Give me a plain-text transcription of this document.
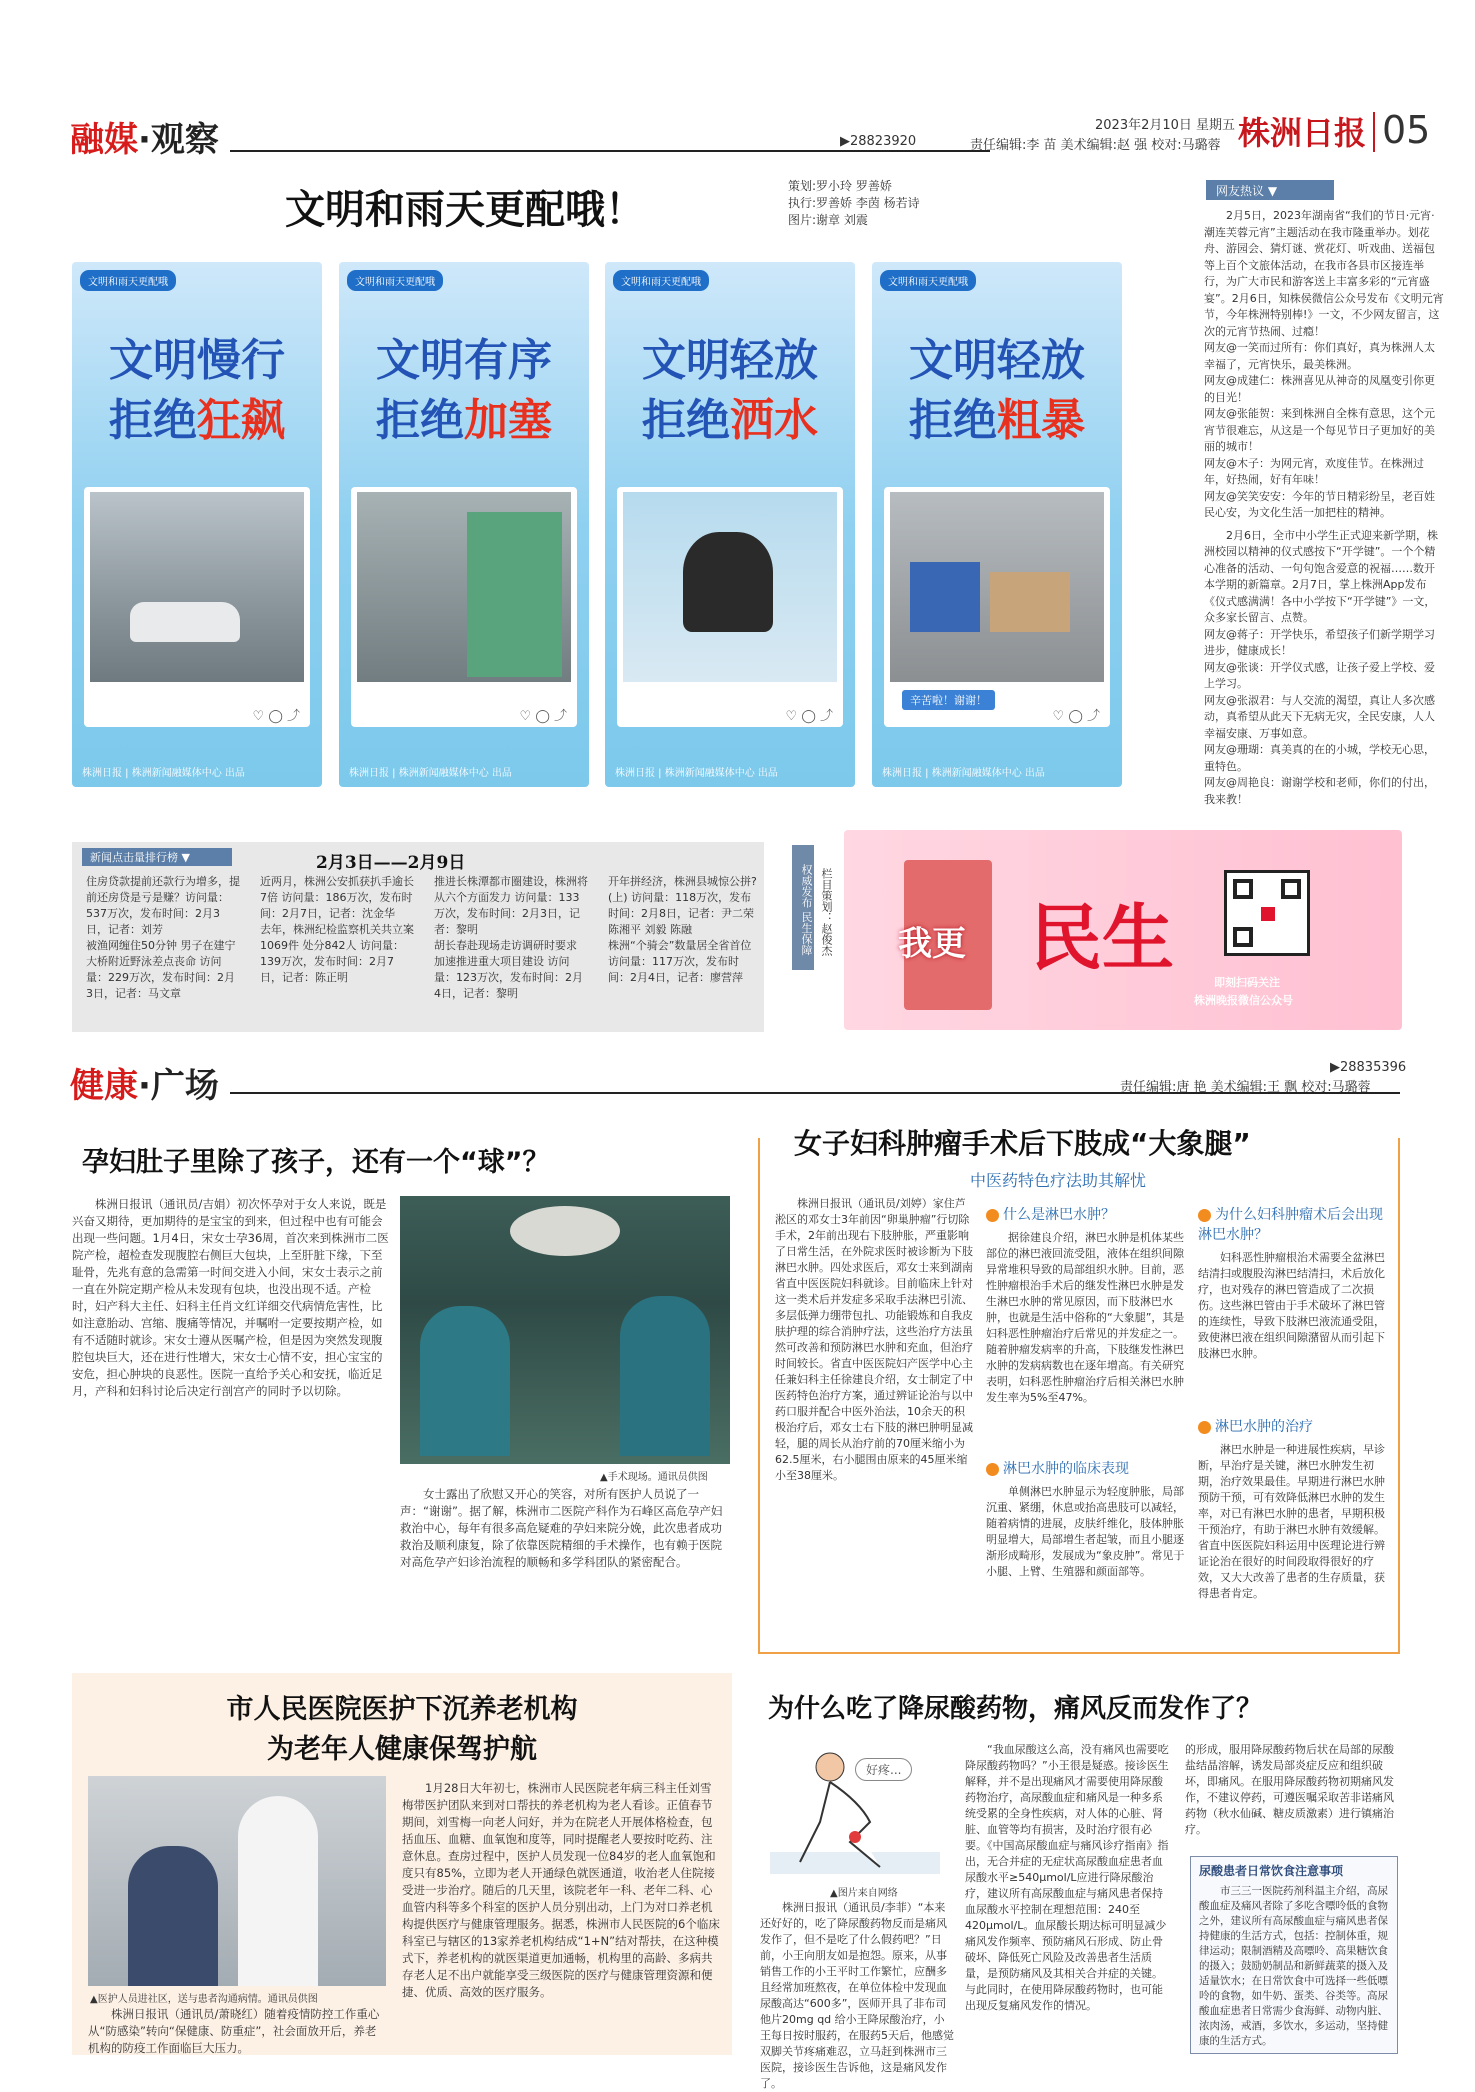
融媒·观察	▶28823920
2023年2月10日 星期五
责任编辑:李 苗 美术编辑:赵 强 校对:马璐蓉 株洲日报 05
文明和雨天更配哦！
策划:罗小玲 罗善娇
执行:罗善娇 李茵 杨若诗
图片:谢章 刘震
文明和雨天更配哦
文明慢行
拒绝狂飙
♡ ◯ ⤴
株洲日报 | 株洲新闻融媒体中心 出品
文明和雨天更配哦
文明有序
拒绝加塞
♡ ◯ ⤴
株洲日报 | 株洲新闻融媒体中心 出品
文明和雨天更配哦
文明轻放
拒绝洒水
♡ ◯ ⤴
株洲日报 | 株洲新闻融媒体中心 出品
文明和雨天更配哦
文明轻放
拒绝粗暴
辛苦啦！谢谢！
♡ ◯ ⤴
株洲日报 | 株洲新闻融媒体中心 出品
网友热议 ▼

2月5日，2023年湖南省“我们的节日·元宵·潮连芙蓉元宵”主题活动在我市隆重举办。划花舟、游园会、猜灯谜、赏花灯、听戏曲、送福包等上百个文旅体活动，在我市各县市区接连举行，为广大市民和游客送上丰富多彩的“元宵盛宴”。2月6日，知株侯微信公众号发布《文明元宵节，今年株洲特别棒!》一文，不少网友留言，这次的元宵节热闹、过瘾！

网友@一笑而过所有：你们真好，真为株洲人太幸福了，元宵快乐，最美株洲。

网友@成建仁：株洲喜见从神奇的凤凰变引你更的目光！

网友@张能贺：来到株洲自全株有意思，这个元宵节很难忘，从这是一个每见节日子更加好的美丽的城市！

网友@木子：为网元宵，欢度佳节。在株洲过年，好热闹，好有年味！

网友@笑笑安安：今年的节日精彩纷呈，老百姓民心安，为文化生活一加把柱的精神。

2月6日，全市中小学生正式迎来新学期，株洲校园以精神的仪式感按下“开学键”。一个个精心准备的活动、一句句饱含爱意的祝福……数开本学期的新篇章。2月7日，掌上株洲App发布《仪式感满满！各中小学按下“开学键”》一文，众多家长留言、点赞。

网友@蒋子：开学快乐，希望孩子们新学期学习进步，健康成长！

网友@张谈：开学仪式感，让孩子爱上学校、爱上学习。

网友@张淑君：与人交流的渴望，真让人多次感动，真希望从此天下无病无灾，全民安康，人人幸福安康、万事如意。

网友@珊瑚：真美真的在的小城，学校无心思，重特色。

网友@周艳良：谢谢学校和老师，你们的付出，我来教！

新闻点击量排行榜 ▼	2月3日——2月9日

住房贷款提前还款行为增多，提前还房贷是亏是赚？访问量：537万次，发布时间：2月3日，记者：刘芳

被渔网缠住50分钟 男子在建宁大桥附近野泳差点丧命 访问量：229万次，发布时间：2月3日，记者：马文章

近两月，株洲公安抓获扒手逾长7倍 访问量：186万次，发布时间：2月7日，记者：沈金华

去年，株洲纪检监察机关共立案1069件 处分842人 访问量：139万次，发布时间：2月7日，记者：陈正明

推进长株潭都市圈建设，株洲将从六个方面发力 访问量：133万次，发布时间：2月3日，记者：黎明

胡长春赴现场走访调研时要求 加速推进重大项目建设 访问量：123万次，发布时间：2月4日，记者：黎明

开年拼经济，株洲县城惊公拼?(上) 访问量：118万次，发布时间：2月8日，记者：尹二荣 陈湘平 刘毅 陈融

株洲“个骑会”数量居全省首位 访问量：117万次，发布时间：2月4日，记者：廖营萍

权威发布 民生保障 栏目策划：赵俊杰 我更 民生
即刻扫码关注
株洲晚报微信公众号
健康·广场	▶28835396
责任编辑:唐 艳 美术编辑:王 飘 校对:马璐蓉
孕妇肚子里除了孩子，还有一个“球”？
株洲日报讯（通讯员/吉娟）初次怀孕对于女人来说，既是兴奋又期待，更加期待的是宝宝的到来，但过程中也有可能会出现一些问题。1月4日，宋女士孕36周，首次来到株洲市二医院产检，超检查发现腹腔右侧巨大包块，上至肝脏下缘，下至耻骨，先兆有意的急需第一时间交进入小间，宋女士表示之前一直在外院定期产检从未发现有包块，也没出现不适。产检时，妇产科大主任、妇科主任肖文红详细交代病情危害性，比如注意胎动、宫缩、腹痛等情况，并嘱咐一定要按期产检，如有不适随时就诊。宋女士遵从医嘱产检，但是因为突然发现腹腔包块巨大，还在进行性增大，宋女士心情不安，担心宝宝的安危，担心肿块的良恶性。医院一直给予关心和安抚，临近足月，产科和妇科讨论后决定行剖宫产的同时予以切除。
▲手术现场。通讯员供图
女士露出了欣慰又开心的笑容，对所有医护人员说了一声：“谢谢”。据了解，株洲市二医院产科作为石峰区高危孕产妇救治中心，每年有很多高危疑难的孕妇来院分娩，此次患者成功救治及顺利康复，除了依靠医院精细的手术操作，也有赖于医院对高危孕产妇诊治流程的顺畅和多学科团队的紧密配合。
女子妇科肿瘤手术后下肢成“大象腿”
中医药特色疗法助其解忧
株洲日报讯（通讯员/刘婷）家住芦淞区的邓女士3年前因“卵巢肿瘤”行切除手术，2年前出现右下肢肿胀，严重影响了日常生活，在外院求医时被诊断为下肢淋巴水肿。四处求医后，邓女士来到湖南省直中医医院妇科就诊。目前临床上针对这一类术后并发症多采取手法淋巴引流、多层低弹力绷带包扎、功能锻炼和自我皮肤护理的综合消肿疗法，这些治疗方法虽然可改善和预防淋巴水肿和充血，但治疗时间较长。省直中医医院妇产医学中心主任兼妇科主任徐建良介绍，女士制定了中医药特色治疗方案，通过辨证论治与以中药口服并配合中医外治法，10余天的积极治疗后，邓女士右下肢的淋巴肿明显减轻，腿的周长从治疗前的70厘米缩小为62.5厘米，右小腿围由原来的45厘米缩小至38厘米。
什么是淋巴水肿？
据徐建良介绍，淋巴水肿是机体某些部位的淋巴液回流受阻，液体在组织间隙异常堆积导致的局部组织水肿。目前，恶性肿瘤根治手术后的继发性淋巴水肿是发生淋巴水肿的常见原因，而下肢淋巴水肿，也就是生活中俗称的“大象腿”，其是妇科恶性肿瘤治疗后常见的并发症之一。随着肿瘤发病率的升高，下肢继发性淋巴水肿的发病病数也在逐年增高。有关研究表明，妇科恶性肿瘤治疗后相关淋巴水肿发生率为5%至47%。
淋巴水肿的临床表现
单侧淋巴水肿显示为轻度肿胀，局部沉重、紧绷，休息或抬高患肢可以减轻，随着病情的进展，皮肤纤维化，肢体肿胀明显增大，局部增生者起皱，而且小腿逐渐形成畸形，发展成为“象皮肿”。常见于小腿、上臂、生殖器和颜面部等。
为什么妇科肿瘤术后会出现淋巴水肿？
妇科恶性肿瘤根治术需要全盆淋巴结清扫或腹股沟淋巴结清扫，术后放化疗，也对残存的淋巴管造成了二次损伤。这些淋巴管由于手术破坏了淋巴管的连续性，导致下肢淋巴液流通受阻，致使淋巴液在组织间隙潴留从而引起下肢淋巴水肿。
淋巴水肿的治疗
淋巴水肿是一种进展性疾病，早诊断，早治疗是关键，淋巴水肿发生初期，治疗效果最佳。早期进行淋巴水肿预防干预，可有效降低淋巴水肿的发生率，对已有淋巴水肿的患者，早期积极干预治疗，有助于淋巴水肿有效缓解。省直中医医院妇科运用中医理论进行辨证论治在很好的时间段取得很好的疗效，又大大改善了患者的生存质量，获得患者肯定。
市人民医院医护下沉养老机构
为老年人健康保驾护航
▲医护人员进社区，送与患者沟通病情。通讯员供图
株洲日报讯（通讯员/萧晓红）随着疫情防控工作重心从“防感染”转向“保健康、防重症”，社会面放开后，养老机构的防疫工作面临巨大压力。
1月28日大年初七，株洲市人民医院老年病三科主任刘雪梅带医护团队来到对口帮扶的养老机构为老人看诊。正值春节期间，刘雪梅一向老人问好，并为在院老人开展体格检查，包括血压、血糖、血氧饱和度等，同时提醒老人要按时吃药、注意休息。查房过程中，医护人员发现一位84岁的老人血氧饱和度只有85%，立即为老人开通绿色就医通道，收治老人住院接受进一步治疗。随后的几天里，该院老年一科、老年二科、心血管内科等多个科室的医护人员分别出动，上门为对口养老机构提供医疗与健康管理服务。据悉，株洲市人民医院的6个临床科室已与辖区的13家养老机构结成“1+N”结对帮扶，在这种模式下，养老机构的就医渠道更加通畅，机构里的高龄、多病共存老人足不出户就能享受三级医院的医疗与健康管理资源和便捷、优质、高效的医疗服务。
为什么吃了降尿酸药物，痛风反而发作了？
好疼...
▲图片来自网络
株洲日报讯（通讯员/李菲）“本来还好好的，吃了降尿酸药物反而是痛风发作了，但不是吃了什么假药吧？”日前，小王向朋友如是抱怨。原来，从事销售工作的小王平时工作繁忙，应酬多且经常加班熬夜，在单位体检中发现血尿酸高达“600多”，医师开具了非布司他片20mg qd 给小王降尿酸治疗，小王每日按时服药，在服药5天后，他感觉双脚关节疼痛难忍，立马赶到株洲市三医院，接诊医生告诉他，这是痛风发作了。
“我血尿酸这么高，没有痛风也需要吃降尿酸药物吗？”小王很是疑惑。接诊医生解释，并不是出现痛风才需要使用降尿酸药物治疗，高尿酸血症和痛风是一种多系统受累的全身性疾病，对人体的心脏、肾脏、血管等均有损害，及时治疗很有必要。《中国高尿酸血症与痛风诊疗指南》指出，无合并症的无症状高尿酸血症患者血尿酸水平≥540μmol/L应进行降尿酸治疗，建议所有高尿酸血症与痛风患者保持血尿酸水平控制在理想范围：240至420μmol/L。血尿酸长期达标可明显减少痛风发作频率、预防痛风石形成、防止骨破坏、降低死亡风险及改善患者生活质量，是预防痛风及其相关合并症的关键。与此同时，在使用降尿酸药物时，也可能出现反复痛风发作的情况。
的形成，服用降尿酸药物后状在局部的尿酸盐结晶溶解，诱发局部炎症反应和组织破坏，即痛风。在服用降尿酸药物初期痛风发作，不建议停药，可遵医嘱采取苦非诺痛风药物（秋水仙碱、糖皮质激素）进行镇痛治疗。
尿酸患者日常饮食注意事项
市三三一医院药剂科温主介绍，高尿酸血症及痛风者除了多吃含嘌呤低的食物之外，建议所有高尿酸血症与痛风患者保持健康的生活方式，包括：控制体重，规律运动；限制酒精及高嘌呤、高果糖饮食的摄入；鼓励奶制品和新鲜蔬菜的摄入及适量饮水；在日常饮食中可选择一些低嘌呤的食物，如牛奶、蛋类、谷类等。高尿酸血症患者日常需少食海鲜、动物内脏、浓肉汤，戒酒，多饮水，多运动，坚持健康的生活方式。
